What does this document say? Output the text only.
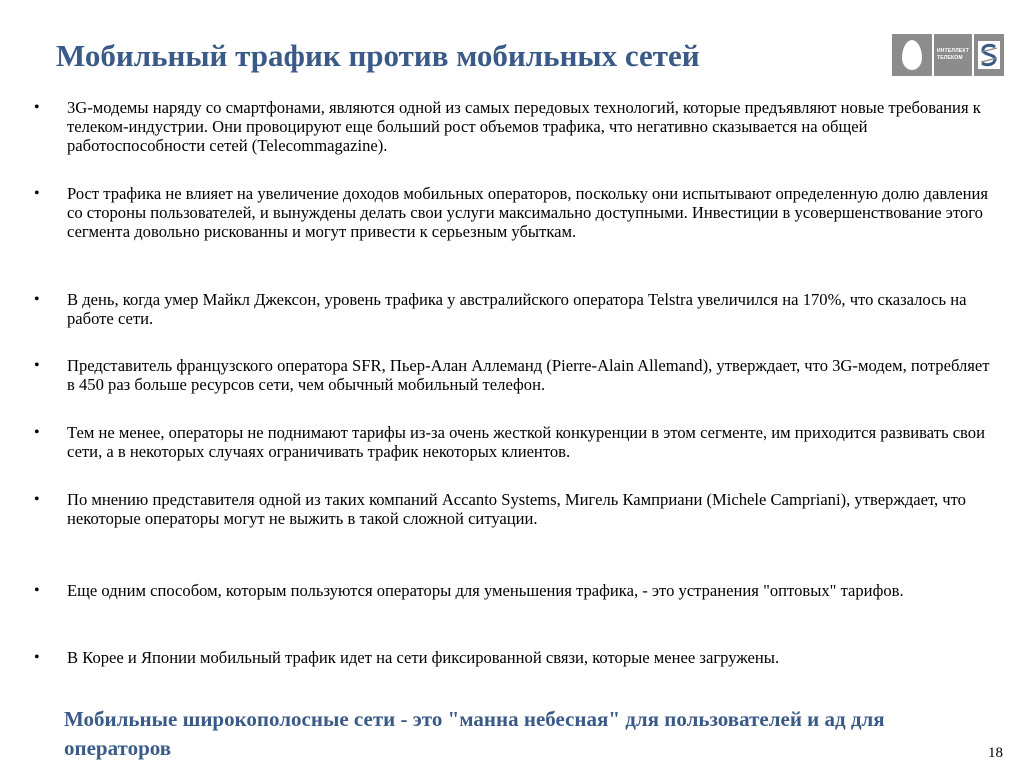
Мобильный трафик против мобильных сетей	ИНТЕЛЛЕКТ
ТЕЛЕКОМ
•	3G-модемы наряду со смартфонами, являются одной из самых передовых технологий, которые предъявляют новые требования к телеком-индустрии. Они провоцируют еще больший рост объемов трафика, что негативно сказывается на общей работоспособности сетей (Telecommagazine).
•	Рост трафика не влияет на увеличение доходов мобильных операторов, поскольку они испытывают определенную долю давления со стороны пользователей, и вынуждены делать свои услуги максимально доступными. Инвестиции в усовершенствование этого сегмента довольно рискованны и могут привести к серьезным убыткам.
•	В день, когда умер Майкл Джексон, уровень трафика у австралийского оператора Telstra увеличился на 170%, что сказалось на работе сети.
•	Представитель французского оператора SFR, Пьер-Алан Аллеманд (Pierre-Alain Allemand), утверждает, что 3G-модем, потребляет в 450 раз больше ресурсов сети, чем обычный мобильный телефон.
•	Тем не менее, операторы не поднимают тарифы из-за очень жесткой конкуренции в этом сегменте, им приходится развивать свои сети, а в некоторых случаях ограничивать трафик некоторых клиентов.
•	По мнению представителя одной из таких компаний Accanto Systems, Мигель Камприани (Michele Campriani), утверждает, что некоторые операторы могут не выжить в такой сложной ситуации.
•	Еще одним способом, которым пользуются операторы для уменьшения трафика, - это устранения "оптовых" тарифов.
•	В Корее и Японии мобильный трафик идет на сети фиксированной связи, которые менее загружены.

Мобильные широкополосные сети - это "манна небесная" для пользователей и ад для операторов	18
